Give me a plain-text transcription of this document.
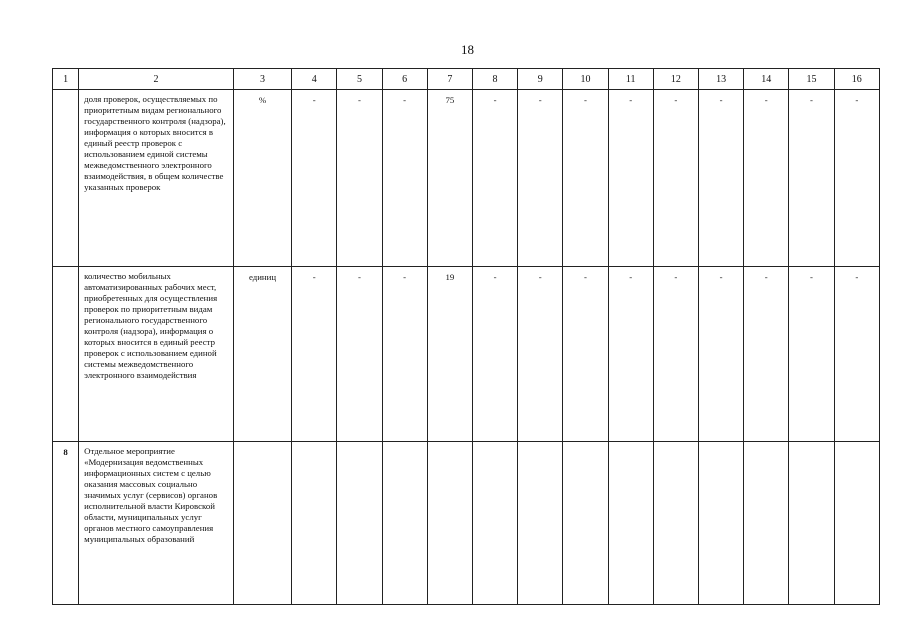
18
1	2	3	4	5	6	7	8	9	10	11	12	13	14	15	16
	доля проверок, осуществляемых по приоритетным видам регионального государственного контроля (надзора), информация о которых вносится в единый реестр проверок с использованием единой системы межведомственного электронного взаимодействия, в общем количестве указанных проверок	%	-	-	-	75	-	-	-	-	-	-	-	-	-
	количество мобильных автоматизированных рабочих мест, приобретенных для осуществления проверок по приоритетным видам регионального государственного контроля (надзора), информация о которых вносится в единый реестр проверок с использованием единой системы межведомственного электронного взаимодействия	единиц	-	-	-	19	-	-	-	-	-	-	-	-	-
8	Отдельное мероприятие «Модернизация ведомственных информационных систем с целью оказания массовых социально значимых услуг (сервисов) органов исполнительной власти Кировской области, муниципальных услуг органов местного самоуправления муниципальных образований														
